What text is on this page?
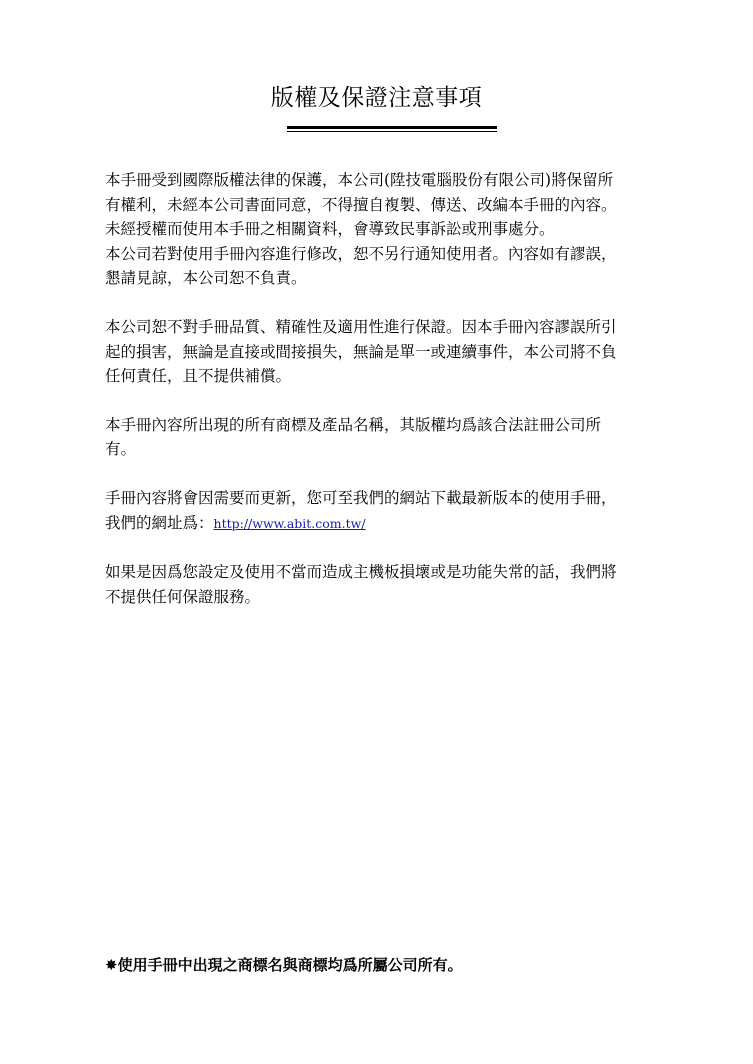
版權及保證注意事項

本手冊受到國際版權法律的保護，本公司(陞技電腦股份有限公司)將保留所
有權利，未經本公司書面同意，不得擅自複製、傳送、改編本手冊的內容。
未經授權而使用本手冊之相關資料，會導致民事訴訟或刑事處分。
本公司若對使用手冊內容進行修改，恕不另行通知使用者。內容如有謬誤，
懇請見諒，本公司恕不負責。

本公司恕不對手冊品質、精確性及適用性進行保證。因本手冊內容謬誤所引
起的損害，無論是直接或間接損失，無論是單一或連續事件，本公司將不負
任何責任，且不提供補償。

本手冊內容所出現的所有商標及產品名稱，其版權均爲該合法註冊公司所
有。

手冊內容將會因需要而更新，您可至我們的網站下載最新版本的使用手冊，
我們的網址爲：http://www.abit.com.tw/

如果是因爲您設定及使用不當而造成主機板損壞或是功能失常的話，我們將
不提供任何保證服務。

✸使用手冊中出現之商標名與商標均爲所屬公司所有。
